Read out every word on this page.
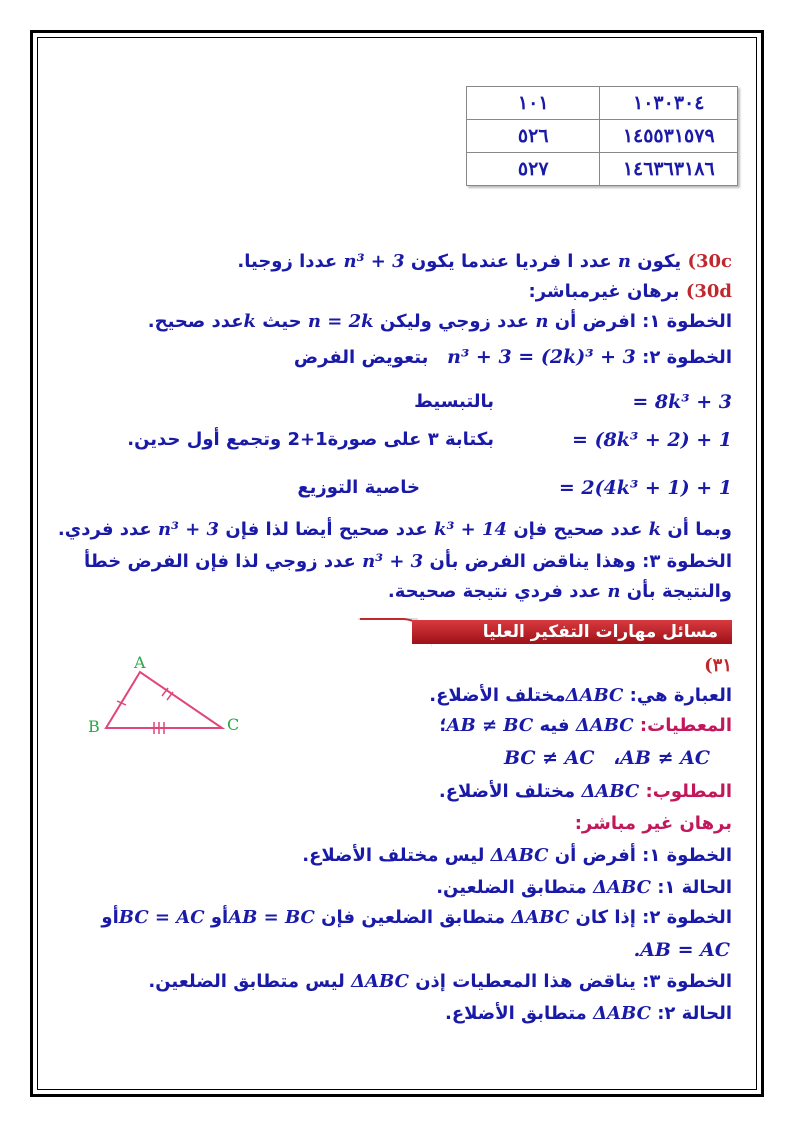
١٠١	١٠٣٠٣٠٤
٥٢٦	١٤٥٥٣١٥٧٩
٥٢٧	١٤٦٣٦٣١٨٦
30c) يكون n عدد ا فرديا عندما يكون n³ + 3 عددا زوجيا.
30d) برهان غيرمباشر:
الخطوة ١: افرض أن n عدد زوجي وليكن n = 2k حيث kعدد صحيح.
الخطوة ٢: n³ + 3 = (2k)³ + 3   بتعويض الفرض
= 8k³ + 3
بالتبسيط
= (8k³ + 2) + 1
بكتابة ٣ على صورة1+2 وتجمع أول حدين.
= 2(4k³ + 1) + 1
خاصية التوزيع
وبما أن k عدد صحيح فإن k³ + 14 عدد صحيح أيضا لذا فإن n³ + 3 عدد فردي.
الخطوة ٣: وهذا يناقض الفرض بأن n³ + 3 عدد زوجي لذا فإن الفرض خطأ
والنتيجة بأن n عدد فردي نتيجة صحيحة.
مسائل مهارات التفكير العليا
A
B	C
٣١)
العبارة هي: ΔABCمختلف الأضلاع.
المعطيات: ΔABC فيه AB ≠ BC؛
AB ≠ AC،   BC ≠ AC
المطلوب: ΔABC مختلف الأضلاع.
برهان غير مباشر:
الخطوة ١: أفرض أن ΔABC ليس مختلف الأضلاع.
الحالة ١: ΔABC متطابق الضلعين.
الخطوة ٢: إذا كان ΔABC متطابق الضلعين فإن AB = BCأو BC = ACأو
.AB = AC
الخطوة ٣: يناقض هذا المعطيات إذن ΔABC ليس متطابق الضلعين.
الحالة ٢: ΔABC متطابق الأضلاع.
